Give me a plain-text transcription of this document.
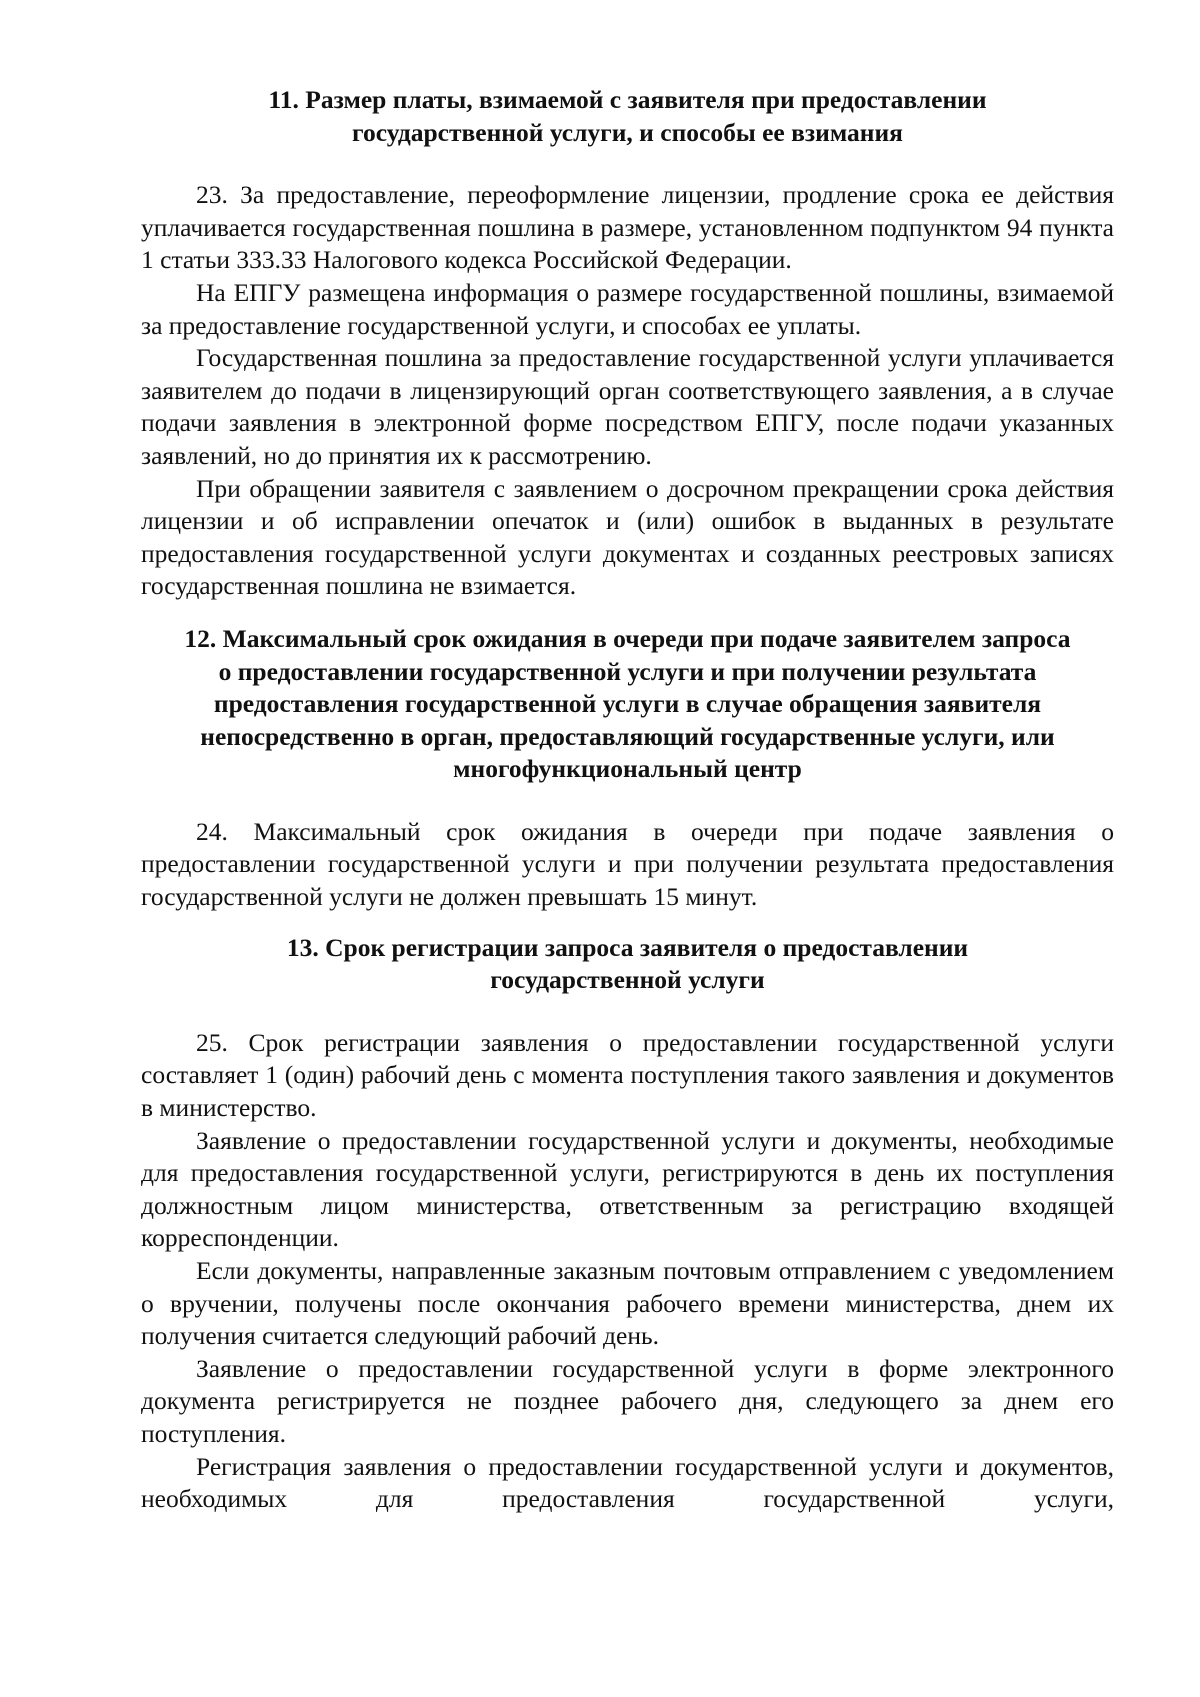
11. Размер платы, взимаемой с заявителя при предоставлении
государственной услуги, и способы ее взимания

23. За предоставление, переоформление лицензии, продление срока ее действия уплачивается государственная пошлина в размере, установленном подпунктом 94 пункта 1 статьи 333.33 Налогового кодекса Российской Федерации.

На ЕПГУ размещена информация о размере государственной пошлины, взимаемой за предоставление государственной услуги, и способах ее уплаты.

Государственная пошлина за предоставление государственной услуги уплачивается заявителем до подачи в лицензирующий орган соответствующего заявления, а в случае подачи заявления в электронной форме посредством ЕПГУ, после подачи указанных заявлений, но до принятия их к рассмотрению.

При обращении заявителя с заявлением о досрочном прекращении срока действия лицензии и об исправлении опечаток и (или) ошибок в выданных в результате предоставления государственной услуги документах и созданных реестровых записях государственная пошлина не взимается.

12. Максимальный срок ожидания в очереди при подаче заявителем запроса
о предоставлении государственной услуги и при получении результата
предоставления государственной услуги в случае обращения заявителя
непосредственно в орган, предоставляющий государственные услуги, или
многофункциональный центр

24. Максимальный срок ожидания в очереди при подаче заявления о предоставлении государственной услуги и при получении результата предоставления государственной услуги не должен превышать 15 минут.

13. Срок регистрации запроса заявителя о предоставлении
государственной услуги

25. Срок регистрации заявления о предоставлении государственной услуги составляет 1 (один) рабочий день с момента поступления такого заявления и документов в министерство.

Заявление о предоставлении государственной услуги и документы, необходимые для предоставления государственной услуги, регистрируются в день их поступления должностным лицом министерства, ответственным за регистрацию входящей корреспонденции.

Если документы, направленные заказным почтовым отправлением с уведомлением о вручении, получены после окончания рабочего времени министерства, днем их получения считается следующий рабочий день.

Заявление о предоставлении государственной услуги в форме электронного документа регистрируется не позднее рабочего дня, следующего за днем его поступления.

Регистрация заявления о предоставлении государственной услуги и документов, необходимых для предоставления государственной услуги,
